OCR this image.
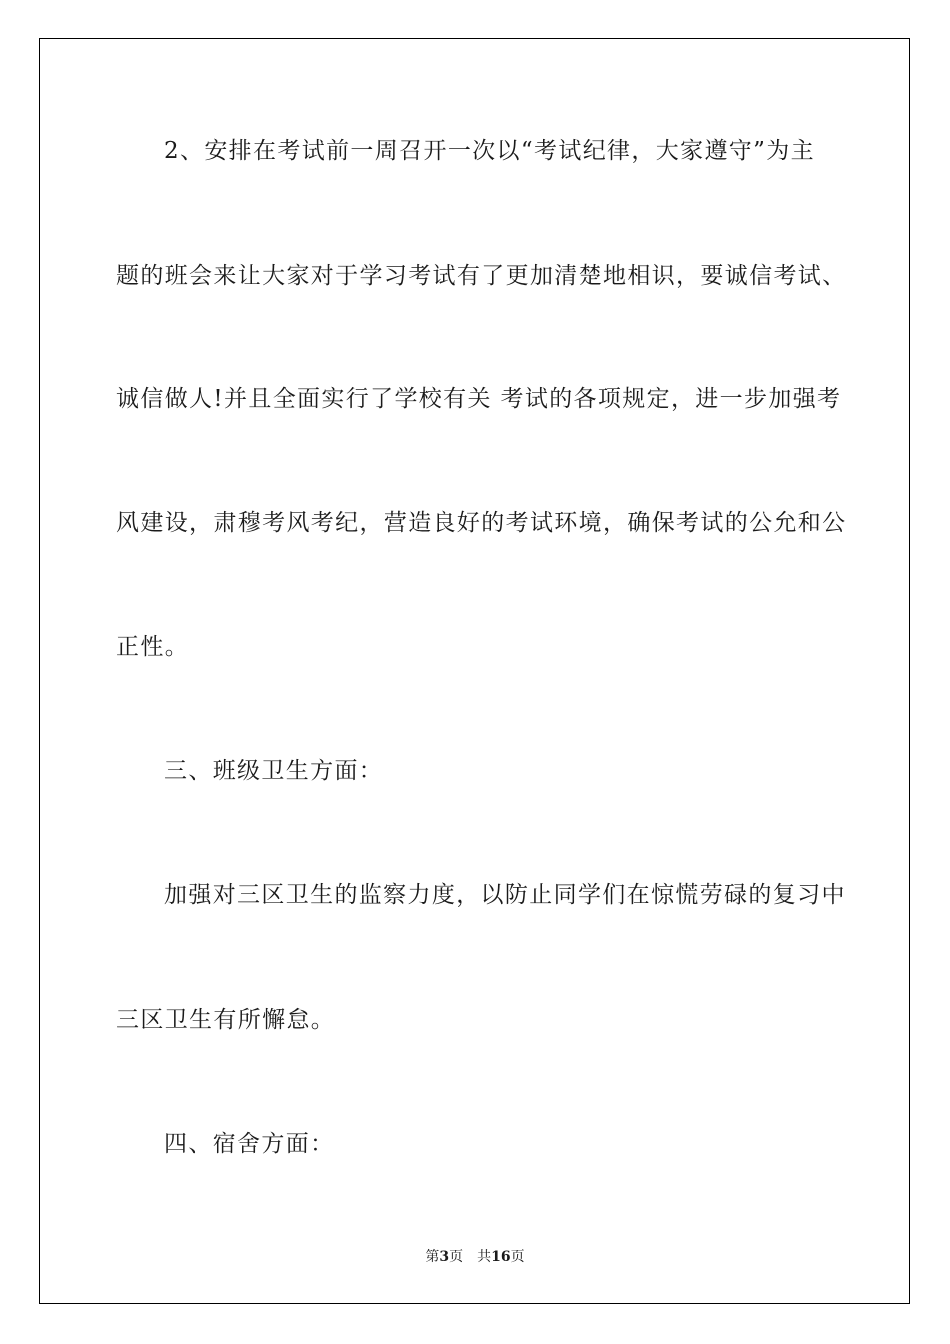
2、安排在考试前一周召开一次以“考试纪律，大家遵守”为主

题的班会来让大家对于学习考试有了更加清楚地相识，要诚信考试、

诚信做人!并且全面实行了学校有关 考试的各项规定，进一步加强考

风建设，肃穆考风考纪，营造良好的考试环境，确保考试的公允和公

正性。

三、班级卫生方面：

加强对三区卫生的监察力度，以防止同学们在惊慌劳碌的复习中

三区卫生有所懈怠。

四、宿舍方面：

第3页 共16页
